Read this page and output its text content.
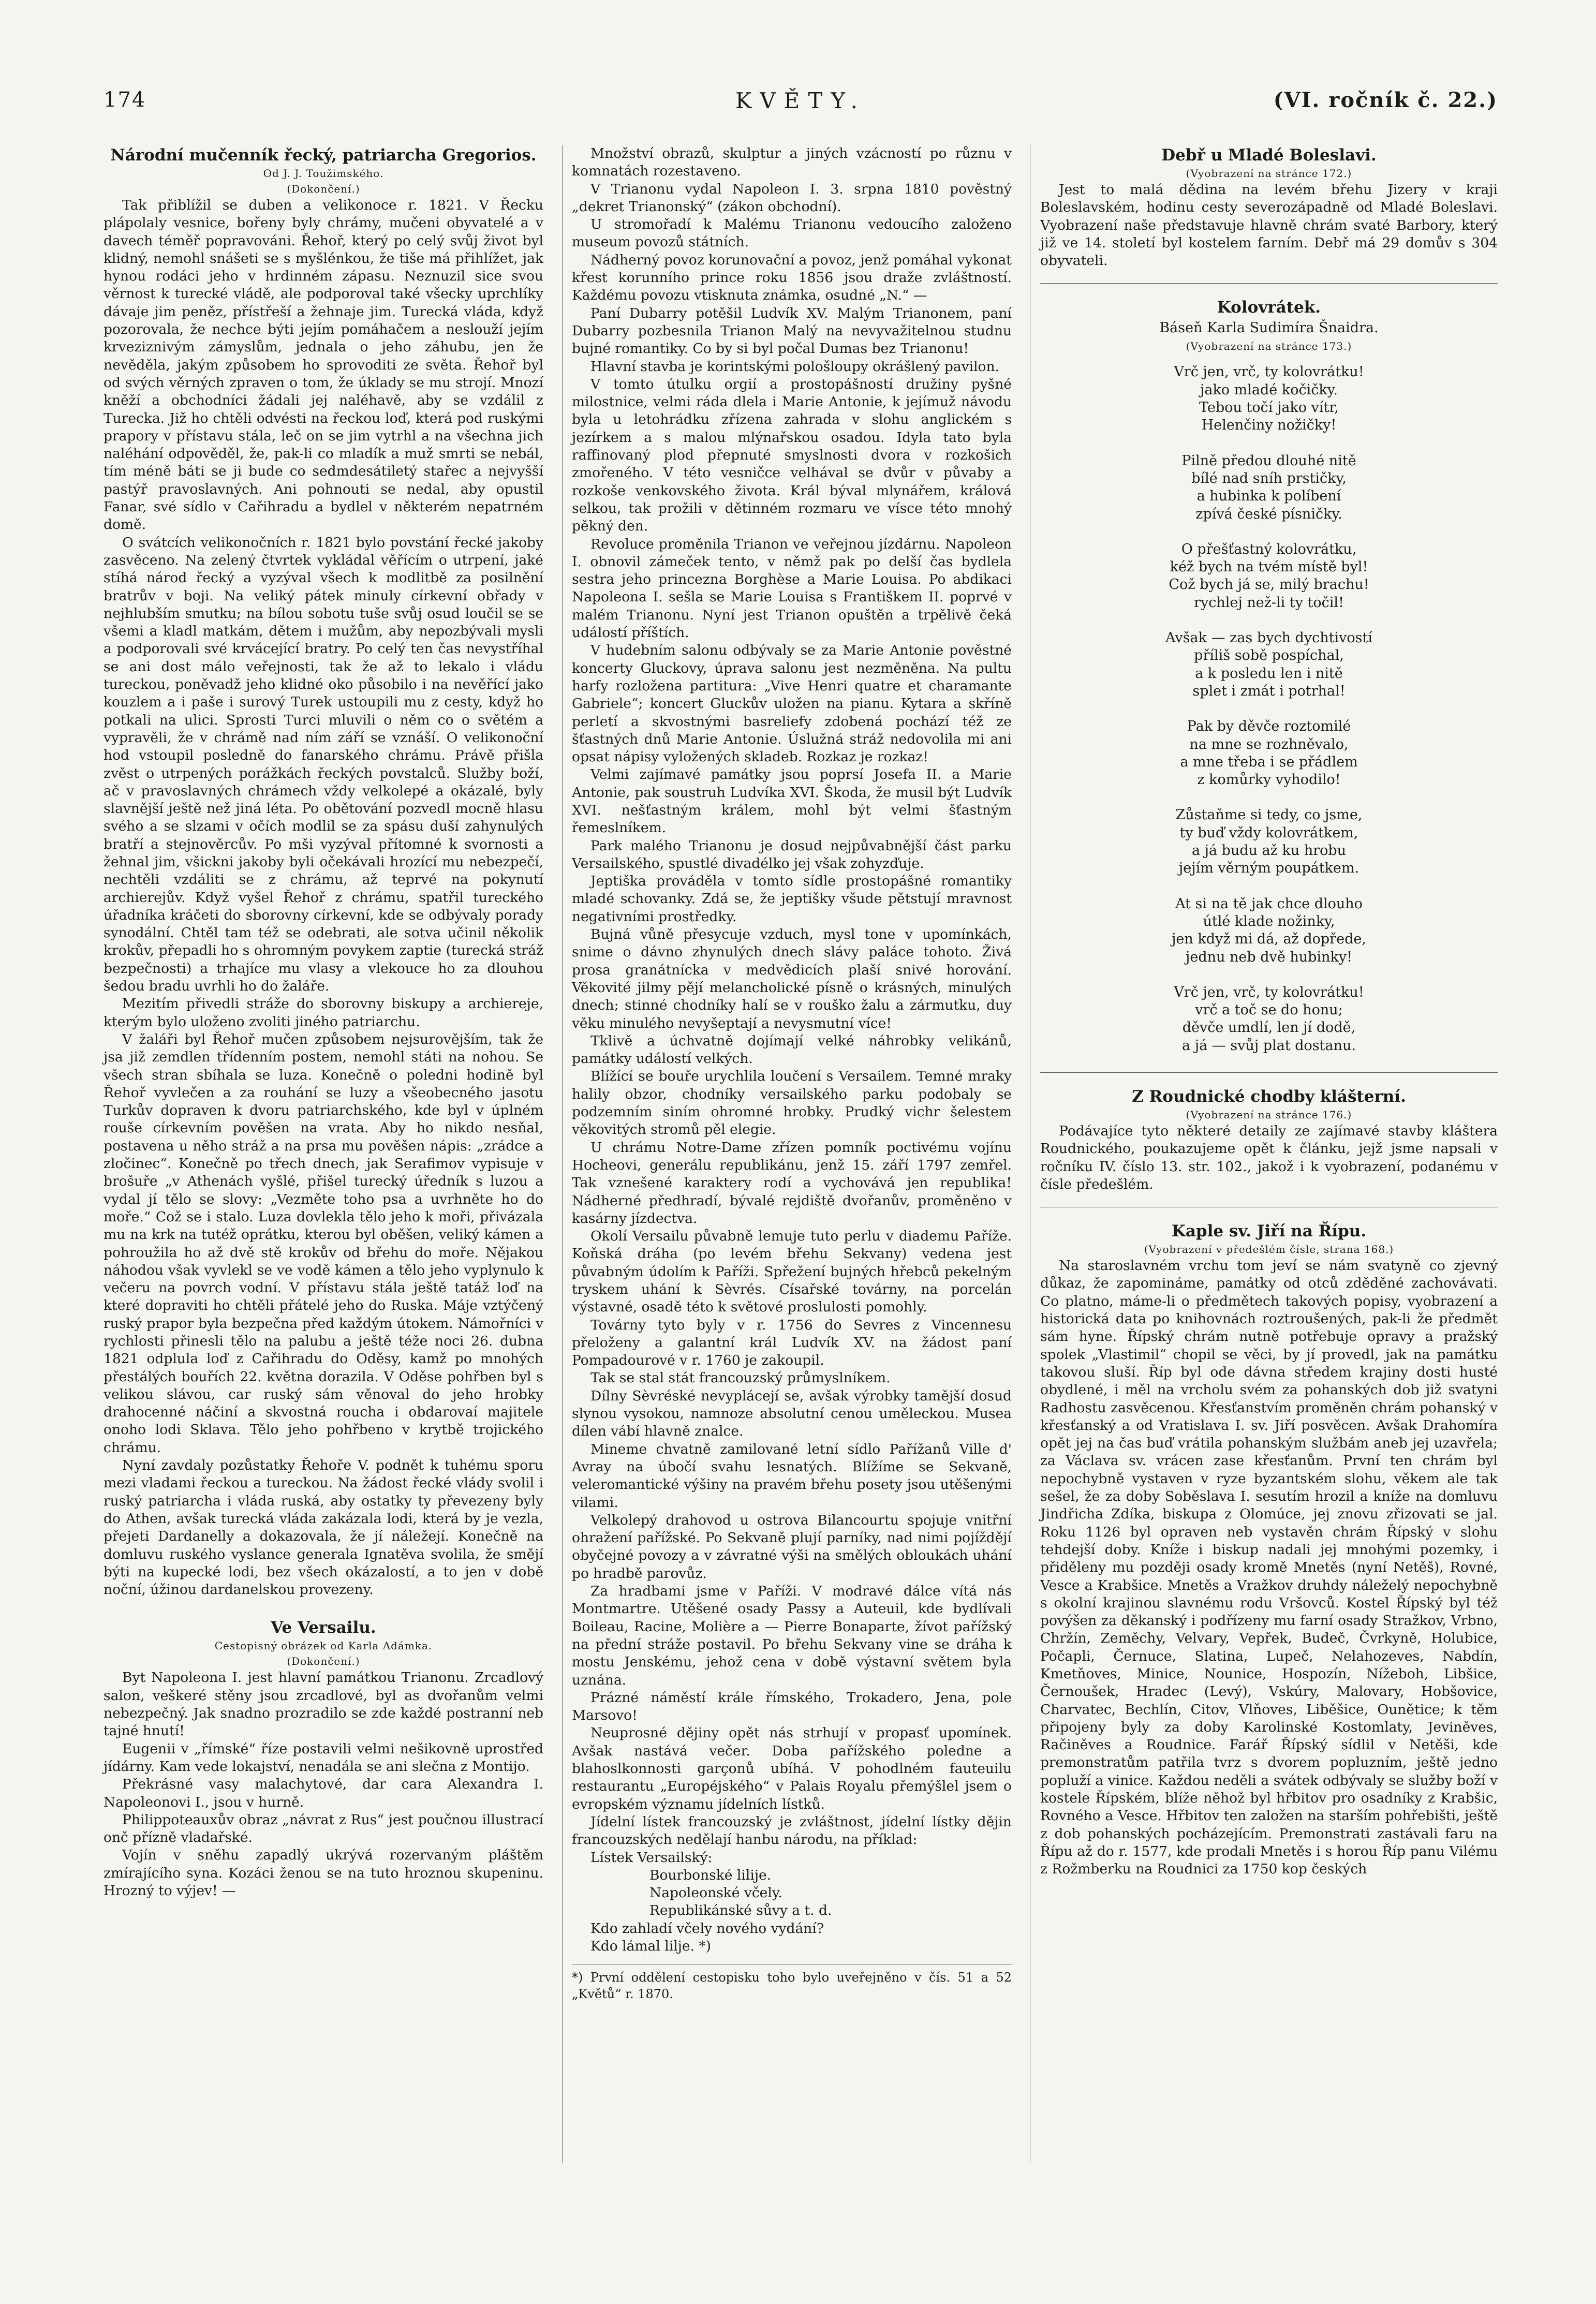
174	KVĚTY.	(VI. ročník č. 22.)
Národní mučenník řecký, patriarcha Gregorios.
Od J. J. Toužimského.
(Dokončení.)

Tak přiblížil se duben a velikonoce r. 1821. V Řecku plápolaly vesnice, bořeny byly chrámy, mučeni obyvatelé a v davech téměř popravováni. Řehoř, který po celý svůj život byl klidný, nemohl snášeti se s myšlénkou, že tiše má přihlížet, jak hynou rodáci jeho v hrdinném zápasu. Neznuzil sice svou věrnost k turecké vládě, ale podporoval také všecky uprchlíky dávaje jim peněz, přístřeší a žehnaje jim. Turecká vláda, když pozorovala, že nechce býti jejím pomáhačem a neslouží jejím krveziznivým zámyslům, jednala o jeho záhubu, jen že nevěděla, jakým způsobem ho sprovoditi ze světa. Řehoř byl od svých věrných zpraven o tom, že úklady se mu strojí. Mnozí kněží a obchodníci žádali jej naléhavě, aby se vzdálil z Turecka. Již ho chtěli odvésti na řeckou loď, která pod ruskými prapory v přístavu stála, leč on se jim vytrhl a na všechna jich naléhání odpověděl, že, pak-li co mladík a muž smrti se nebál, tím méně báti se ji bude co sedmdesátiletý stařec a nejvyšší pastýř pravoslavných. Ani pohnouti se nedal, aby opustil Fanar, své sídlo v Cařihradu a bydlel v některém nepatrném domě.

O svátcích velikonočních r. 1821 bylo povstání řecké jakoby zasvěceno. Na zelený čtvrtek vykládal věřícím o utrpení, jaké stíhá národ řecký a vyzýval všech k modlitbě za posilnění bratrův v boji. Na veliký pátek minuly církevní obřady v nejhlubším smutku; na bílou sobotu tuše svůj osud loučil se se všemi a kladl matkám, dětem i mužům, aby nepozbývali mysli a podporovali své krvácející bratry. Po celý ten čas nevystříhal se ani dost málo veřejnosti, tak že až to lekalo i vládu tureckou, poněvadž jeho klidné oko působilo i na nevěřící jako kouzlem a i paše i surový Turek ustoupili mu z cesty, když ho potkali na ulici. Sprosti Turci mluvili o něm co o světém a vypravěli, že v chrámě nad ním září se vznáší. O velikonoční hod vstoupil posledně do fanarského chrámu. Právě přišla zvěst o utrpených porážkách řeckých povstalců. Služby boží, ač v pravoslavných chrámech vždy velkolepé a okázalé, byly slavnější ještě než jiná léta. Po obětování pozvedl mocně hlasu svého a se slzami v očích modlil se za spásu duší zahynulých bratří a stejnověrcův. Po mši vyzýval přítomné k svornosti a žehnal jim, všickni jakoby byli očekávali hrozící mu nebezpečí, nechtěli vzdáliti se z chrámu, až teprvé na pokynutí archierejův. Když vyšel Řehoř z chrámu, spatřil tureckého úřadníka kráčeti do sborovny církevní, kde se odbývaly porady synodální. Chtěl tam též se odebrati, ale sotva učinil několik krokův, přepadli ho s ohromným povykem zaptie (turecká stráž bezpečnosti) a trhajíce mu vlasy a vlekouce ho za dlouhou šedou bradu uvrhli ho do žaláře.

Mezitím přivedli stráže do sborovny biskupy a archiereje, kterým bylo uloženo zvoliti jiného patriarchu.

V žaláři byl Řehoř mučen způsobem nejsurovějším, tak že jsa již zemdlen třídenním postem, nemohl státi na nohou. Se všech stran sbíhala se luza. Konečně o poledni hodině byl Řehoř vyvlečen a za rouhání se luzy a všeobecného jasotu Turkův dopraven k dvoru patriarchského, kde byl v úplném rouše církevním pověšen na vrata. Aby ho nikdo nesňal, postavena u něho stráž a na prsa mu pověšen nápis: „zrádce a zločinec“. Konečně po třech dnech, jak Serafimov vypisuje v brošuře „v Athenách vyšlé, přišel turecký úředník s luzou a vydal jí tělo se slovy: „Vezměte toho psa a uvrhněte ho do moře.“ Což se i stalo. Luza dovlekla tělo jeho k moři, přivázala mu na krk na tutéž oprátku, kterou byl oběšen, veliký kámen a pohroužila ho až dvě stě krokův od břehu do moře. Nějakou náhodou však vyvlekl se ve vodě kámen a tělo jeho vyplynulo k večeru na povrch vodní. V přístavu stála ještě tatáž loď na které dopraviti ho chtěli přátelé jeho do Ruska. Máje vztýčený ruský prapor byla bezpečna před každým útokem. Námořníci v rychlosti přinesli tělo na palubu a ještě téže noci 26. dubna 1821 odplula loď z Cařihradu do Oděsy, kamž po mnohých přestálých bouřích 22. května dorazila. V Oděse pohřben byl s velikou slávou, car ruský sám věnoval do jeho hrobky drahocenné náčiní a skvostná roucha i obdarovaí majitele onoho lodi Sklava. Tělo jeho pohřbeno v krytbě trojického chrámu.

Nyní zavdaly pozůstatky Řehoře V. podnět k tuhému sporu mezi vladami řeckou a tureckou. Na žádost řecké vlády svolil i ruský patriarcha i vláda ruská, aby ostatky ty převezeny byly do Athen, avšak turecká vláda zakázala lodi, která by je vezla, přejeti Dardanelly a dokazovala, že jí náležejí. Konečně na domluvu ruského vyslance generala Ignatěva svolila, že smějí býti na kupecké lodi, bez všech okázalostí, a to jen v době noční, úžinou dardanelskou provezeny.

Ve Versailu.
Cestopisný obrázek od Karla Adámka.
(Dokončení.)

Byt Napoleona I. jest hlavní památkou Trianonu. Zrcadlový salon, veškeré stěny jsou zrcadlové, byl as dvořanům velmi nebezpečný. Jak snadno prozradilo se zde každé postranní neb tajné hnutí!

Eugenii v „římské“ říze postavili velmi nešikovně uprostřed jídárny. Kam vede lokajství, nenadála se ani slečna z Montijo.

Překrásné vasy malachytové, dar cara Alexandra I. Napoleonovi I., jsou v hurně.

Philippoteauxův obraz „návrat z Rus“ jest poučnou illustrací onč přízně vladařské.

Vojín v sněhu zapadlý ukrývá rozervaným pláštěm zmírajícího syna. Kozáci ženou se na tuto hroznou skupeninu. Hrozný to výjev! —

Množství obrazů, skulptur a jiných vzácností po různu v komnatách rozestaveno.

V Trianonu vydal Napoleon I. 3. srpna 1810 pověstný „dekret Trianonský“ (zákon obchodní).

U stromořadí k Malému Trianonu vedoucího založeno museum povozů státních.

Nádherný povoz korunovační a povoz, jenž pomáhal vykonat křest korunního prince roku 1856 jsou draže zvláštností. Každému povozu vtisknuta známka, osudné „N.“ —

Paní Dubarry potěšil Ludvík XV. Malým Trianonem, paní Dubarry pozbesnila Trianon Malý na nevyvažitelnou studnu bujné romantiky. Co by si byl počal Dumas bez Trianonu!

Hlavní stavba je korintskými pološloupy okrášlený pavilon.

V tomto útulku orgií a prostopášností družiny pyšné milostnice, velmi ráda dlela i Marie Antonie, k jejímuž návodu byla u letohrádku zřízena zahrada v slohu anglickém s jezírkem a s malou mlýnařskou osadou. Idyla tato byla raffinovaný plod přepnuté smyslnosti dvora v rozkošich zmořeného. V této vesničce velhával se dvůr v půvaby a rozkoše venkovského života. Král býval mlynářem, králová selkou, tak prožili v dětinném rozmaru ve vísce této mnohý pěkný den.

Revoluce proměnila Trianon ve veřejnou jízdárnu. Napoleon I. obnovil zámeček tento, v němž pak po delší čas bydlela sestra jeho princezna Borghèse a Marie Louisa. Po abdikaci Napoleona I. sešla se Marie Louisa s Františkem II. poprvé v malém Trianonu. Nyní jest Trianon opuštěn a trpělivě čeká událostí příštích.

V hudebním salonu odbývaly se za Marie Antonie pověstné koncerty Gluckovy, úprava salonu jest nezměněna. Na pultu harfy rozložena partitura: „Vive Henri quatre et charamante Gabriele“; koncert Gluckův uložen na pianu. Kytara a skříně perletí a skvostnými basreliefy zdobená pochází též ze šťastných dnů Marie Antonie. Úslužná stráž nedovolila mi ani opsat nápisy vyložených skladeb. Rozkaz je rozkaz!

Velmi zajímavé památky jsou poprsí Josefa II. a Marie Antonie, pak soustruh Ludvíka XVI. Škoda, že musil být Ludvík XVI. nešťastným králem, mohl být velmi šťastným řemeslníkem.

Park malého Trianonu je dosud nejpůvabnější část parku Versailského, spustlé divadélko jej však zohyzďuje.

Jeptiška prováděla v tomto sídle prostopášné romantiky mladé schovanky. Zdá se, že jeptišky všude pětstují mravnost negativními prostředky.

Bujná vůně přesycuje vzduch, mysl tone v upomínkách, snime o dávno zhynulých dnech slávy paláce tohoto. Živá prosa granátnícka v medvědicích plaší snivé horování. Věkovité jilmy pějí melancholické písně o krásných, minulých dnech; stinné chodníky halí se v rouško žalu a zármutku, duy věku minulého nevyšeptají a nevysmutní více!

Tklivě a úchvatně dojímají velké náhrobky velikánů, památky událostí velkých.

Blížící se bouře urychlila loučení s Versailem. Temné mraky halily obzor, chodníky versailského parku podobaly se podzemním siním ohromné hrobky. Prudký vichr šelestem věkovitých stromů pěl elegie.

U chrámu Notre-Dame zřízen pomník poctivému vojínu Hocheovi, generálu republikánu, jenž 15. září 1797 zemřel. Tak vznešené karaktery rodí a vychovává jen republika! Nádherné předhradí, bývalé rejdiště dvořanův, proměněno v kasárny jízdectva.

Okolí Versailu půvabně lemuje tuto perlu v diademu Paříže. Koňská dráha (po levém břehu Sekvany) vedena jest půvabným údolím k Paříži. Spřežení bujných hřebců pekelným tryskem uhání k Sèvrés. Císařské továrny, na porcelán výstavné, osadě této k světové proslulosti pomohly.

Továrny tyto byly v r. 1756 do Sevres z Vincennesu přeloženy a galantní král Ludvík XV. na žádost paní Pompadourové v r. 1760 je zakoupil.

Tak se stal stát francouzský průmyslníkem.

Dílny Sèvréské nevyplácejí se, avšak výrobky tamější dosud slynou vysokou, namnoze absolutní cenou uměleckou. Musea dílen vábí hlavně znalce.

Mineme chvatně zamilované letní sídlo Pařížanů Ville d' Avray na úbočí svahu lesnatých. Blížíme se Sekvaně, veleromantické výšiny na pravém břehu posety jsou utěšenými vilami.

Velkolepý drahovod u ostrova Bilancourtu spojuje vnitřní ohražení pařížské. Po Sekvaně plují parníky, nad nimi pojíždějí obyčejné povozy a v závratné výši na smělých obloukách uhání po hradbě parovůz.

Za hradbami jsme v Paříži. V modravé dálce vítá nás Montmartre. Utěšené osady Passy a Auteuil, kde bydlívali Boileau, Racine, Molière a — Pierre Bonaparte, žívot pařížský na přední stráže postavil. Po břehu Sekvany vine se dráha k mostu Jenskému, jehož cena v době výstavní světem byla uznána.

Prázné náměstí krále římského, Trokadero, Jena, pole Marsovo!

Neuprosné dějiny opět nás strhují v propasť upomínek. Avšak nastává večer. Doba pařížského poledne a blahoslkonnosti garçonů ubíhá. V pohodlném fauteuilu restaurantu „Européjského“ v Palais Royalu přemýšlel jsem o evropském významu jídelních lístků.

Jídelní lístek francouzský je zvláštnost, jídelní lístky dějin francouzských nedělají hanbu národu, na příklad:

Lístek Versailský:
Bourbonské lilije.
Napoleonské včely.
Republikánské sůvy a t. d.
Kdo zahladí včely nového vydání?
Kdo lámal lilje. *)
*) První oddělení cestopisku toho bylo uveřejněno v čís. 51 a 52 „Květů“ r. 1870.
Debř u Mladé Boleslavi.
(Vyobrazení na stránce 172.)

Jest to malá dědina na levém břehu Jizery v kraji Boleslavském, hodinu cesty severozápadně od Mladé Boleslavi. Vyobrazení naše představuje hlavně chrám svaté Barbory, který již ve 14. století byl kostelem farním. Debř má 29 domův s 304 obyvateli.

Kolovrátek.
Báseň Karla Sudimíra Šnaidra.
(Vyobrazení na stránce 173.)
Vrč jen, vrč, ty kolovrátku!
jako mladé kočičky.
Tebou točí jako vítr,
Helenčiny nožičky!
Pilně předou dlouhé nitě
bílé nad sníh prstičky,
a hubinka k políbení
zpívá české písničky.
O přešťastný kolovrátku,
kéž bych na tvém místě byl!
Což bych já se, milý brachu!
rychlej než-li ty točil!
Avšak — zas bych dychtivostí
příliš sobě pospíchal,
a k posledu len i nitě
splet i zmát i potrhal!
Pak by děvče roztomilé
na mne se rozhněvalo,
a mne třeba i se přádlem
z komůrky vyhodilo!
Zůstaňme si tedy, co jsme,
ty buď vždy kolovrátkem,
a já budu až ku hrobu
jejím věrným poupátkem.
At si na tě jak chce dlouho
útlé klade nožinky,
jen když mi dá, až dopřede,
jednu neb dvě hubinky!
Vrč jen, vrč, ty kolovrátku!
vrč a toč se do honu;
děvče umdlí, len jí dodě,
a já — svůj plat dostanu.
Z Roudnické chodby klášterní.
(Vyobrazení na stránce 176.)

Podávajíce tyto některé detaily ze zajímavé stavby kláštera Roudnického, poukazujeme opět k článku, jejž jsme napsali v ročníku IV. číslo 13. str. 102., jakož i k vyobrazení, podanému v čísle předešlém.

Kaple sv. Jiří na Řípu.
(Vyobrazení v předešlém čísle, strana 168.)

Na staroslavném vrchu tom jeví se nám svatyně co zjevný důkaz, že zapomináme, památky od otců zděděné zachovávati. Co platno, máme-li o předmětech takových popisy, vyobrazení a historická data po knihovnách roztroušených, pak-li že předmět sám hyne. Řípský chrám nutně potřebuje opravy a pražský spolek „Vlastimil“ chopil se věci, by jí provedl, jak na památku takovou sluší. Říp byl ode dávna středem krajiny dosti husté obydlené, i měl na vrcholu svém za pohanských dob již svatyni Radhostu zasvěcenou. Křesťanstvím proměněn chrám pohanský v křesťanský a od Vratislava I. sv. Jiří posvěcen. Avšak Drahomíra opět jej na čas buď vrátila pohanským službám aneb jej uzavřela; za Václava sv. vrácen zase křesťanům. První ten chrám byl nepochybně vystaven v ryze byzantském slohu, věkem ale tak sešel, že za doby Soběslava I. sesutím hrozil a kníže na domluvu Jindřicha Zdíka, biskupa z Olomúce, jej znovu zřizovati se jal. Roku 1126 byl opraven neb vystavěn chrám Řípský v slohu tehdejší doby. Kníže i biskup nadali jej mnohými pozemky, i přiděleny mu později osady kromě Mnetěs (nyní Netěš), Rovné, Vesce a Krabšice. Mnetěs a Vražkov druhdy náleželý nepochybně s okolní krajinou slavnému rodu Vršovců. Kostel Řípský byl též povýšen za děkanský i podřízeny mu farní osady Stražkov, Vrbno, Chržín, Zeměchy, Velvary, Vepřek, Budeč, Čvrkyně, Holubice, Počapli, Černuce, Slatina, Lupeč, Nelahozeves, Nabdín, Kmetňoves, Minice, Nounice, Hospozín, Nížeboh, Libšice, Černoušek, Hradec (Levý), Vskúry, Malovary, Hobšovice, Charvatec, Bechlín, Citov, Vlňoves, Liběšice, Ounětice; k těm připojeny byly za doby Karolinské Kostomlaty, Jeviněves, Račiněves a Roudnice. Farář Řípský sídlil v Netěši, kde premonstratům patřila tvrz s dvorem popluzním, ještě jedno popluží a vinice. Každou neděli a svátek odbývaly se služby boží v kostele Řípském, blíže něhož byl hřbitov pro osadníky z Krabšic, Rovného a Vesce. Hřbitov ten založen na starším pohřebišti, ještě z dob pohanských pocházejícím. Premonstrati zastávali faru na Řípu až do r. 1577, kde prodali Mnetěs i s horou Říp panu Vilému z Rožmberku na Roudnici za 1750 kop českých
